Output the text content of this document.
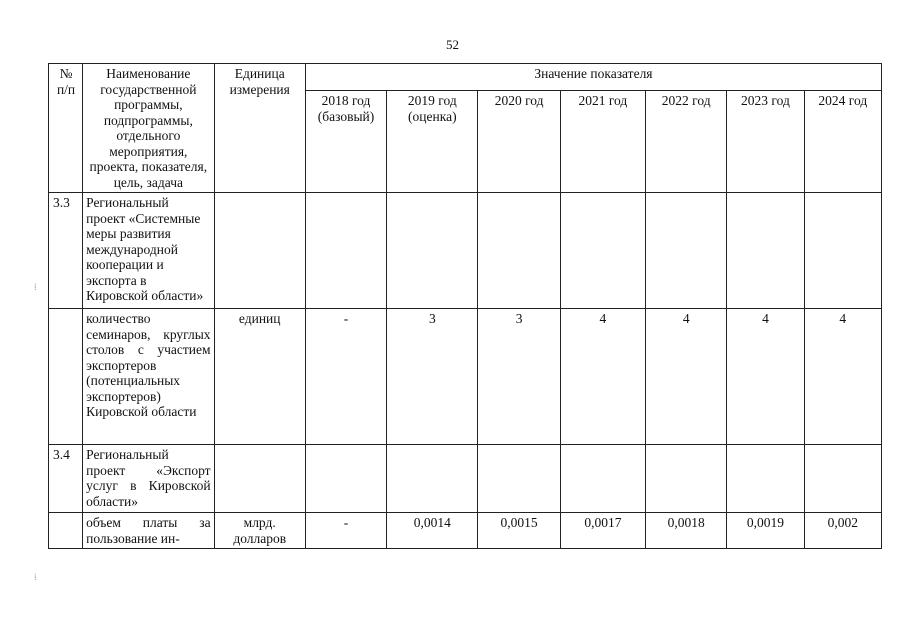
52
№ п/п	Наименование государственной программы, подпрограммы, отдельного мероприятия, проекта, показателя, цель, задача	Единица измерения	Значение показателя						
			2018 год (базовый)	2019 год (оценка)	2020 год	2021 год	2022 год	2023 год	2024 год
3.3	Региональный проект «Системные меры развития международной кооперации и экспорта в Кировской области»								
	количество семинаров, круглых столов с участием экспортеров (потенциальных экспортеров) Кировской области	единиц	-	3	3	4	4	4	4
3.4	Региональный проект «Экспорт услуг в Кировской области»								
	объем платы за пользование ин-	млрд. долларов	-	0,0014	0,0015	0,0017	0,0018	0,0019	0,002
⁞
⁞
